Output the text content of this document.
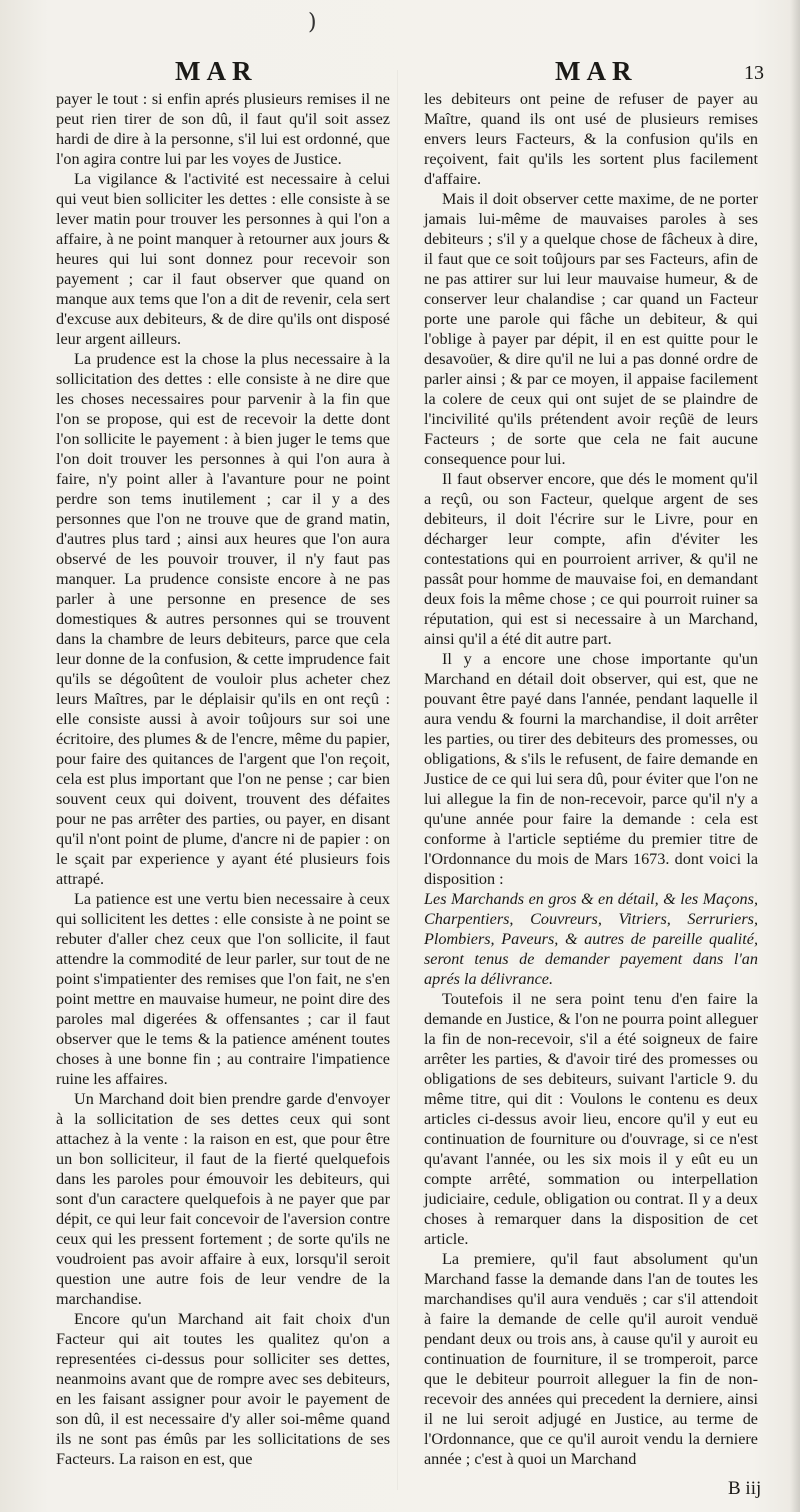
)
MAR	MAR	13

payer le tout : si enfin aprés plusieurs remises il ne peut rien tirer de son dû, il faut qu'il soit assez hardi de dire à la personne, s'il lui est ordonné, que l'on agira contre lui par les voyes de Justice.

La vigilance & l'activité est necessaire à celui qui veut bien solliciter les dettes : elle consiste à se lever matin pour trouver les personnes à qui l'on a affaire, à ne point manquer à retourner aux jours & heures qui lui sont donnez pour recevoir son payement ; car il faut observer que quand on manque aux tems que l'on a dit de revenir, cela sert d'excuse aux debiteurs, & de dire qu'ils ont disposé leur argent ailleurs.

La prudence est la chose la plus necessaire à la sollicitation des dettes : elle consiste à ne dire que les choses necessaires pour parvenir à la fin que l'on se propose, qui est de recevoir la dette dont l'on sollicite le payement : à bien juger le tems que l'on doit trouver les personnes à qui l'on aura à faire, n'y point aller à l'avanture pour ne point perdre son tems inutilement ; car il y a des personnes que l'on ne trouve que de grand matin, d'autres plus tard ; ainsi aux heures que l'on aura observé de les pouvoir trouver, il n'y faut pas manquer. La prudence consiste encore à ne pas parler à une personne en presence de ses domestiques & autres personnes qui se trouvent dans la chambre de leurs debiteurs, parce que cela leur donne de la confusion, & cette imprudence fait qu'ils se dégoûtent de vouloir plus acheter chez leurs Maîtres, par le déplaisir qu'ils en ont reçû : elle consiste aussi à avoir toûjours sur soi une écritoire, des plumes & de l'encre, même du papier, pour faire des quitances de l'argent que l'on reçoit, cela est plus important que l'on ne pense ; car bien souvent ceux qui doivent, trouvent des défaites pour ne pas arrêter des parties, ou payer, en disant qu'il n'ont point de plume, d'ancre ni de papier : on le sçait par experience y ayant été plusieurs fois attrapé.

La patience est une vertu bien necessaire à ceux qui sollicitent les dettes : elle consiste à ne point se rebuter d'aller chez ceux que l'on sollicite, il faut attendre la commodité de leur parler, sur tout de ne point s'impatienter des remises que l'on fait, ne s'en point mettre en mauvaise humeur, ne point dire des paroles mal digerées & offensantes ; car il faut observer que le tems & la patience aménent toutes choses à une bonne fin ; au contraire l'impatience ruine les affaires.

Un Marchand doit bien prendre garde d'envoyer à la sollicitation de ses dettes ceux qui sont attachez à la vente : la raison en est, que pour être un bon solliciteur, il faut de la fierté quelquefois dans les paroles pour émouvoir les debiteurs, qui sont d'un caractere quelquefois à ne payer que par dépit, ce qui leur fait concevoir de l'aversion contre ceux qui les pressent fortement ; de sorte qu'ils ne voudroient pas avoir affaire à eux, lorsqu'il seroit question une autre fois de leur vendre de la marchandise.

Encore qu'un Marchand ait fait choix d'un Facteur qui ait toutes les qualitez qu'on a representées ci-dessus pour solliciter ses dettes, neanmoins avant que de rompre avec ses debiteurs, en les faisant assigner pour avoir le payement de son dû, il est necessaire d'y aller soi-même quand ils ne sont pas émûs par les sollicitations de ses Facteurs. La raison en est, que

les debiteurs ont peine de refuser de payer au Maître, quand ils ont usé de plusieurs remises envers leurs Facteurs, & la confusion qu'ils en reçoivent, fait qu'ils les sortent plus facilement d'affaire.

Mais il doit observer cette maxime, de ne porter jamais lui-même de mauvaises paroles à ses debiteurs ; s'il y a quelque chose de fâcheux à dire, il faut que ce soit toûjours par ses Facteurs, afin de ne pas attirer sur lui leur mauvaise humeur, & de conserver leur chalandise ; car quand un Facteur porte une parole qui fâche un debiteur, & qui l'oblige à payer par dépit, il en est quitte pour le desavoüer, & dire qu'il ne lui a pas donné ordre de parler ainsi ; & par ce moyen, il appaise facilement la colere de ceux qui ont sujet de se plaindre de l'incivilité qu'ils prétendent avoir reçûë de leurs Facteurs ; de sorte que cela ne fait aucune consequence pour lui.

Il faut observer encore, que dés le moment qu'il a reçû, ou son Facteur, quelque argent de ses debiteurs, il doit l'écrire sur le Livre, pour en décharger leur compte, afin d'éviter les contestations qui en pourroient arriver, & qu'il ne passât pour homme de mauvaise foi, en demandant deux fois la même chose ; ce qui pourroit ruiner sa réputation, qui est si necessaire à un Marchand, ainsi qu'il a été dit autre part.

Il y a encore une chose importante qu'un Marchand en détail doit observer, qui est, que ne pouvant être payé dans l'année, pendant laquelle il aura vendu & fourni la marchandise, il doit arrêter les parties, ou tirer des debiteurs des promesses, ou obligations, & s'ils le refusent, de faire demande en Justice de ce qui lui sera dû, pour éviter que l'on ne lui allegue la fin de non-recevoir, parce qu'il n'y a qu'une année pour faire la demande : cela est conforme à l'article septiéme du premier titre de l'Ordonnance du mois de Mars 1673. dont voici la disposition :

Les Marchands en gros & en détail, & les Maçons, Charpentiers, Couvreurs, Vitriers, Serruriers, Plombiers, Paveurs, & autres de pareille qualité, seront tenus de demander payement dans l'an aprés la délivrance.

Toutefois il ne sera point tenu d'en faire la demande en Justice, & l'on ne pourra point alleguer la fin de non-recevoir, s'il a été soigneux de faire arrêter les parties, & d'avoir tiré des promesses ou obligations de ses debiteurs, suivant l'article 9. du même titre, qui dit : Voulons le contenu es deux articles ci-dessus avoir lieu, encore qu'il y eut eu continuation de fourniture ou d'ouvrage, si ce n'est qu'avant l'année, ou les six mois il y eût eu un compte arrêté, sommation ou interpellation judiciaire, cedule, obligation ou contrat. Il y a deux choses à remarquer dans la disposition de cet article.

La premiere, qu'il faut absolument qu'un Marchand fasse la demande dans l'an de toutes les marchandises qu'il aura venduës ; car s'il attendoit à faire la demande de celle qu'il auroit venduë pendant deux ou trois ans, à cause qu'il y auroit eu continuation de fourniture, il se tromperoit, parce que le debiteur pourroit alleguer la fin de non-recevoir des années qui precedent la derniere, ainsi il ne lui seroit adjugé en Justice, au terme de l'Ordonnance, que ce qu'il auroit vendu la derniere année ; c'est à quoi un Marchand

B iij
